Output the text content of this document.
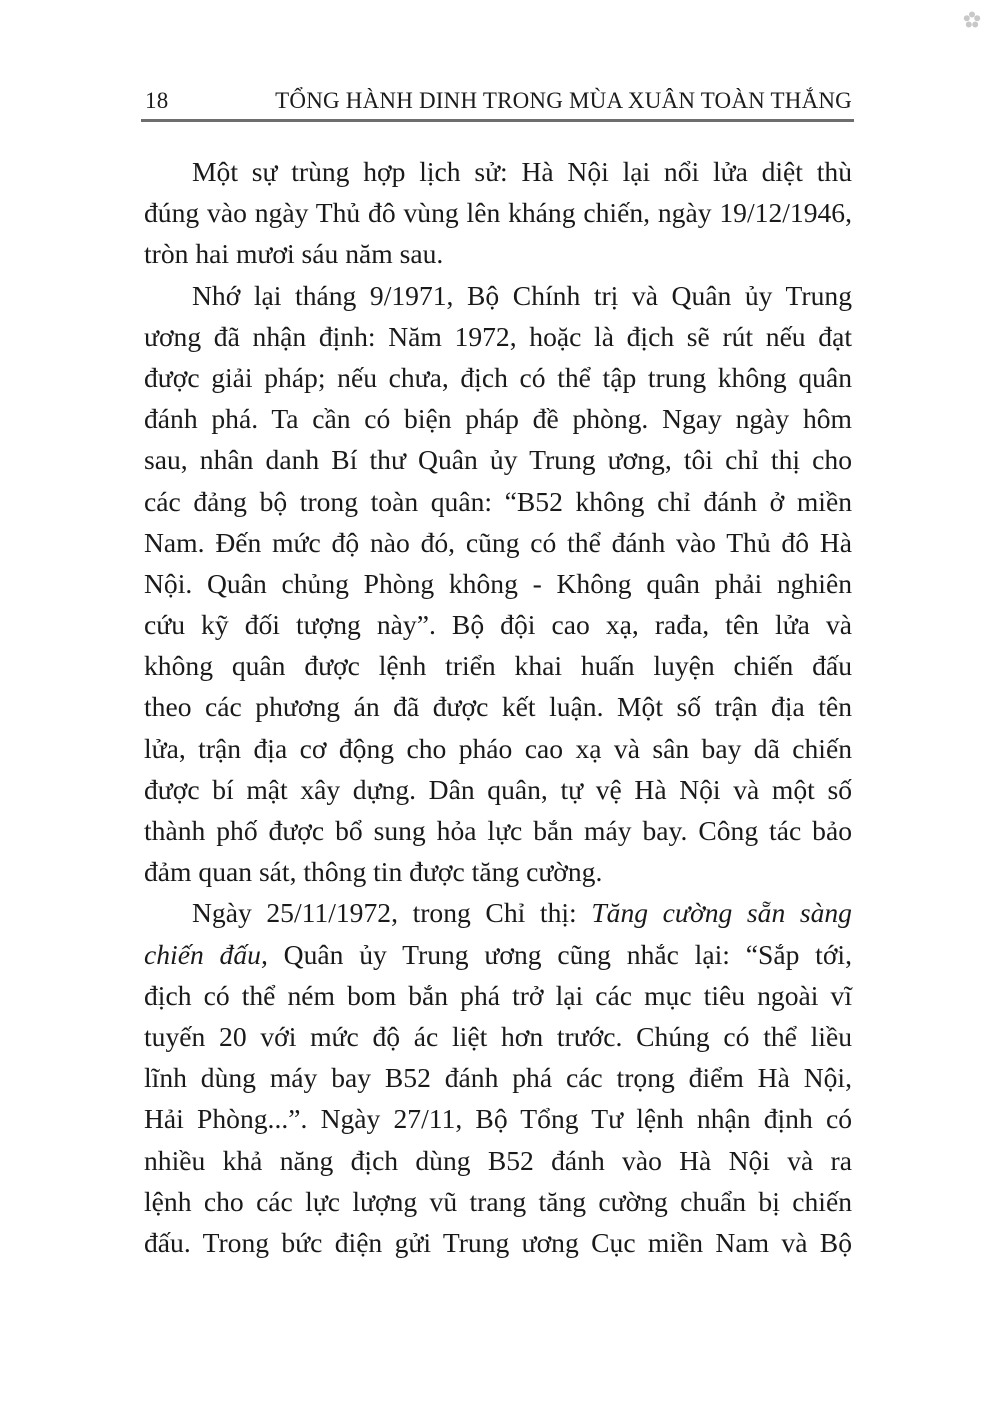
18	TỔNG HÀNH DINH TRONG MÙA XUÂN TOÀN THẮNG
Một sự trùng hợp lịch sử: Hà Nội lại nổi lửa diệt thù
đúng vào ngày Thủ đô vùng lên kháng chiến, ngày 19/12/1946,
tròn hai mươi sáu năm sau.
Nhớ lại tháng 9/1971, Bộ Chính trị và Quân ủy Trung
ương đã nhận định: Năm 1972, hoặc là địch sẽ rút nếu đạt
được giải pháp; nếu chưa, địch có thể tập trung không quân
đánh phá. Ta cần có biện pháp đề phòng. Ngay ngày hôm
sau, nhân danh Bí thư Quân ủy Trung ương, tôi chỉ thị cho
các đảng bộ trong toàn quân: “B52 không chỉ đánh ở miền
Nam. Đến mức độ nào đó, cũng có thể đánh vào Thủ đô Hà
Nội. Quân chủng Phòng không - Không quân phải nghiên
cứu kỹ đối tượng này”. Bộ đội cao xạ, rađa, tên lửa và
không quân được lệnh triển khai huấn luyện chiến đấu
theo các phương án đã được kết luận. Một số trận địa tên
lửa, trận địa cơ động cho pháo cao xạ và sân bay dã chiến
được bí mật xây dựng. Dân quân, tự vệ Hà Nội và một số
thành phố được bổ sung hỏa lực bắn máy bay. Công tác bảo
đảm quan sát, thông tin được tăng cường.
Ngày 25/11/1972, trong Chỉ thị: Tăng cường sẵn sàng
chiến đấu, Quân ủy Trung ương cũng nhắc lại: “Sắp tới,
địch có thể ném bom bắn phá trở lại các mục tiêu ngoài vĩ
tuyến 20 với mức độ ác liệt hơn trước. Chúng có thể liều
lĩnh dùng máy bay B52 đánh phá các trọng điểm Hà Nội,
Hải Phòng...”. Ngày 27/11, Bộ Tổng Tư lệnh nhận định có
nhiều khả năng địch dùng B52 đánh vào Hà Nội và ra
lệnh cho các lực lượng vũ trang tăng cường chuẩn bị chiến
đấu. Trong bức điện gửi Trung ương Cục miền Nam và Bộ
